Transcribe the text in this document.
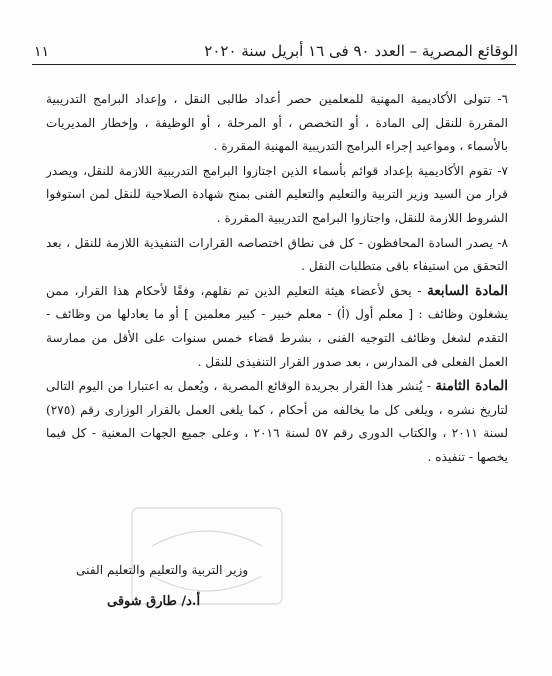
١١	الوقائع المصرية – العدد ٩٠ فى ١٦ أبريل سنة ٢٠٢٠

٦- تتولى الأكاديمية المهنية للمعلمين حصر أعداد طالبى النقل ، وإعداد البرامج التدريبية المقررة للنقل إلى المادة ، أو التخصص ، أو المرحلة ، أو الوظيفة ، وإخطار المديريات بالأسماء ، ومواعيد إجراء البرامج التدريبية المهنية المقررة .

٧- تقوم الأكاديمية بإعداد قوائم بأسماء الذين اجتازوا البرامج التدريبية اللازمة للنقل، ويصدر قرار من السيد وزير التربية والتعليم والتعليم الفنى بمنح شهادة الصلاحية للنقل لمن استوفوا الشروط اللازمة للنقل، واجتازوا البرامج التدريبية المقررة .

٨- يصدر السادة المحافظون - كل فى نطاق اختصاصه القرارات التنفيذية اللازمة للنقل ، بعد التحقق من استيفاء باقى متطلبات النقل .

المادة السابعة - يحق لأعضاء هيئة التعليم الذين تم نقلهم، وفقًا لأحكام هذا القرار، ممن يشغلون وظائف : [ معلم أول (أ) - معلم خبير - كبير معلمين ] أو ما يعادلها من وظائف - التقدم لشغل وظائف التوجيه الفنى ، بشرط قضاء خمس سنوات على الأقل من ممارسة العمل الفعلى فى المدارس ، بعد صدور القرار التنفيذى للنقل .

المادة الثامنة - يُنشر هذا القرار بجريدة الوقائع المصرية ، ويُعمل به اعتبارا من اليوم التالى لتاريخ نشره ، ويلغى كل ما يخالفه من أحكام ، كما يلغى العمل بالقرار الوزارى رقم (٢٧٥) لسنة ٢٠١١ ، والكتاب الدورى رقم ٥٧ لسنة ٢٠١٦ ، وعلى جميع الجهات المعنية - كل فيما يخصها - تنفيذه .

وزير التربية والتعليم والتعليم الفنى
أ.د/ طارق شوقى
